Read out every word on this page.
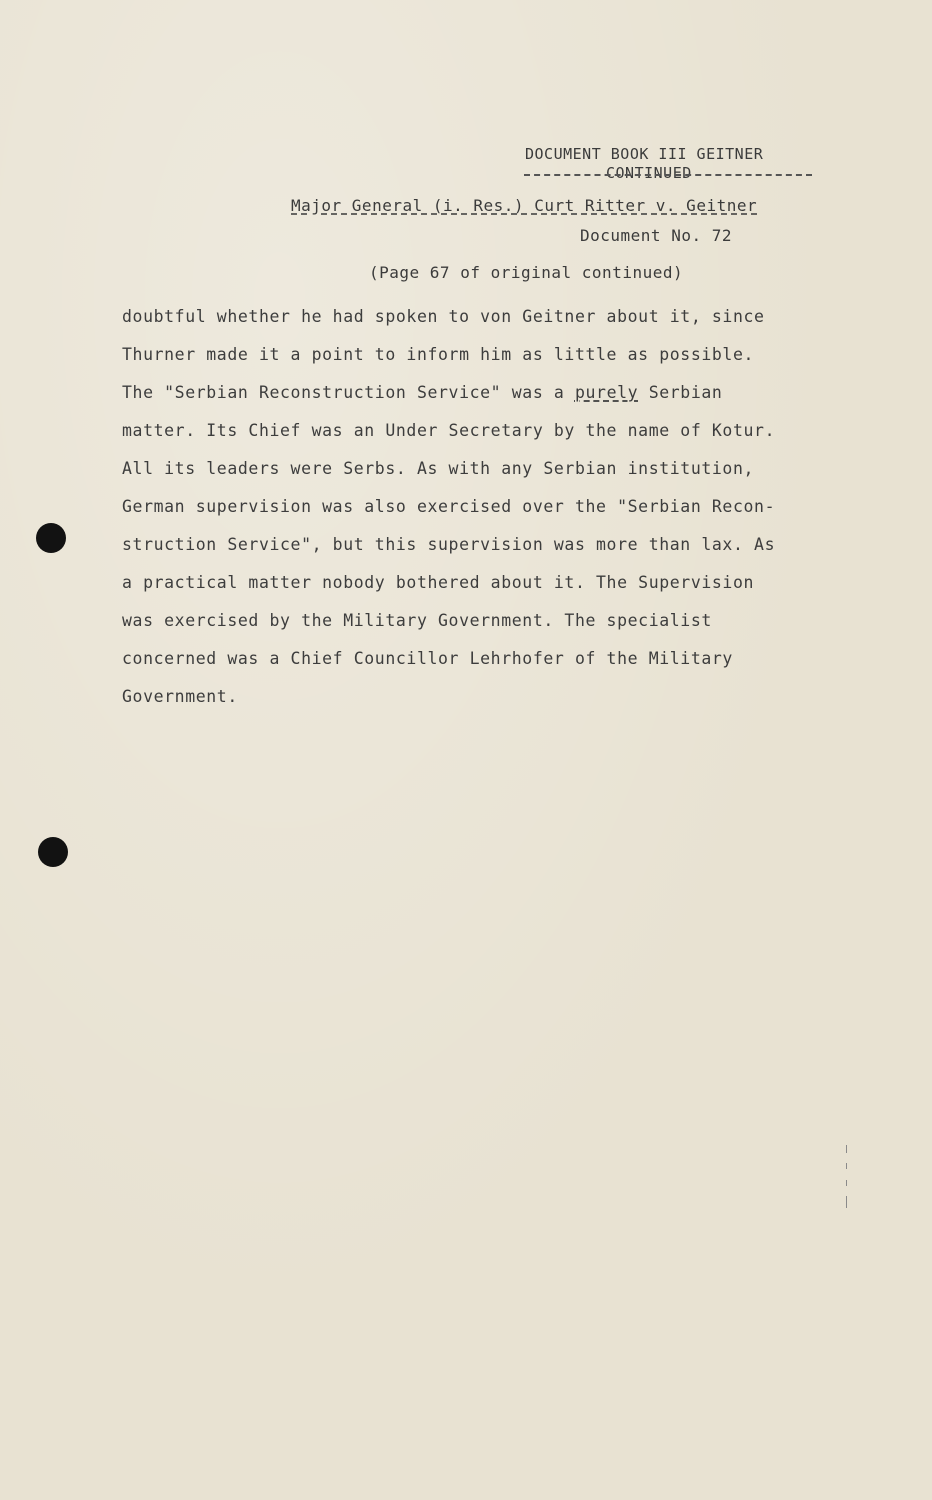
DOCUMENT BOOK III GEITNER
CONTINUED
Major General (i. Res.) Curt Ritter v. Geitner
Document No. 72
(Page 67 of original continued)
doubtful whether he had spoken to von Geitner about it, since
Thurner made it a point to inform him as little as possible.
The "Serbian Reconstruction Service" was a purely Serbian
matter. Its Chief was an Under Secretary by the name of Kotur.
All its leaders were Serbs. As with any Serbian institution,
German supervision was also exercised over the "Serbian Recon-
struction Service", but this supervision was more than lax. As
a practical matter nobody bothered about it. The Supervision
was exercised by the Military Government. The specialist
concerned was a Chief Councillor Lehrhofer of the Military
Government.
